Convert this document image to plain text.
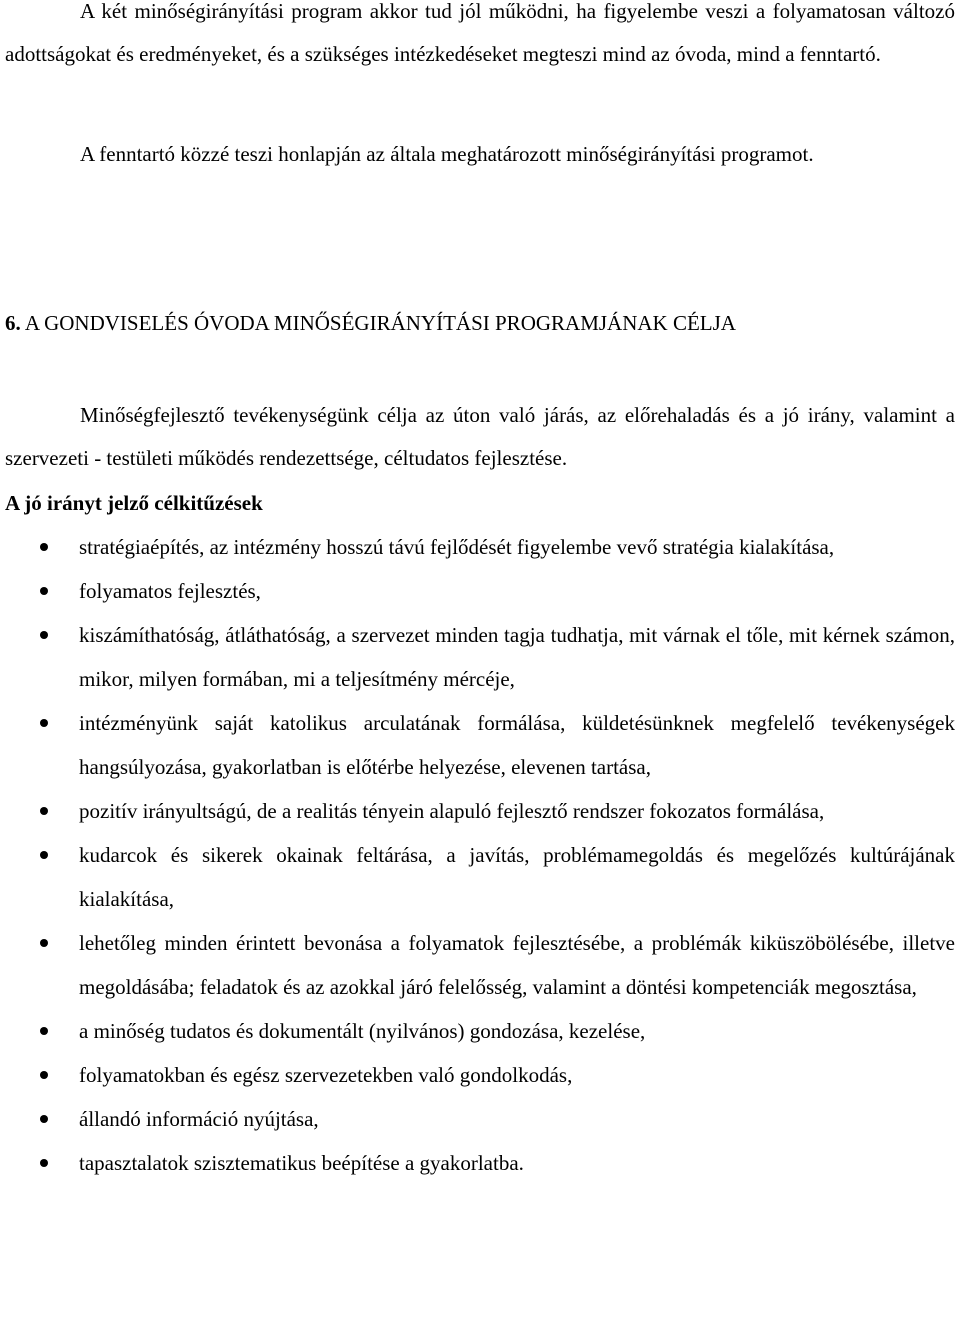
A két minőségirányítási program akkor tud jól működni, ha figyelembe veszi a folyamatosan változó adottságokat és eredményeket, és a szükséges intézkedéseket megteszi mind az óvoda, mind a fenntartó.

A fenntartó közzé teszi honlapján az általa meghatározott minőségirányítási programot.

6. A GONDVISELÉS ÓVODA MINŐSÉGIRÁNYÍTÁSI PROGRAMJÁNAK CÉLJA

Minőségfejlesztő tevékenységünk célja az úton való járás, az előrehaladás és a jó irány, valamint a szervezeti - testületi működés rendezettsége, céltudatos fejlesztése.

A jó irányt jelző célkitűzések
stratégiaépítés, az intézmény hosszú távú fejlődését figyelembe vevő stratégia kialakítása,
folyamatos fejlesztés,
kiszámíthatóság, átláthatóság, a szervezet minden tagja tudhatja, mit várnak el tőle, mit kérnek számon, mikor, milyen formában, mi a teljesítmény mércéje,
intézményünk saját katolikus arculatának formálása, küldetésünknek megfelelő tevékenységek hangsúlyozása, gyakorlatban is előtérbe helyezése, elevenen tartása,
pozitív irányultságú, de a realitás tényein alapuló fejlesztő rendszer fokozatos formálása,
kudarcok és sikerek okainak feltárása, a javítás, problémamegoldás és megelőzés kultúrájának kialakítása,
lehetőleg minden érintett bevonása a folyamatok fejlesztésébe, a problémák kiküszöbölésébe, illetve megoldásába; feladatok és az azokkal járó felelősség, valamint a döntési kompetenciák megosztása,
a minőség tudatos és dokumentált (nyilvános) gondozása, kezelése,
folyamatokban és egész szervezetekben való gondolkodás,
állandó információ nyújtása,
tapasztalatok szisztematikus beépítése a gyakorlatba.
